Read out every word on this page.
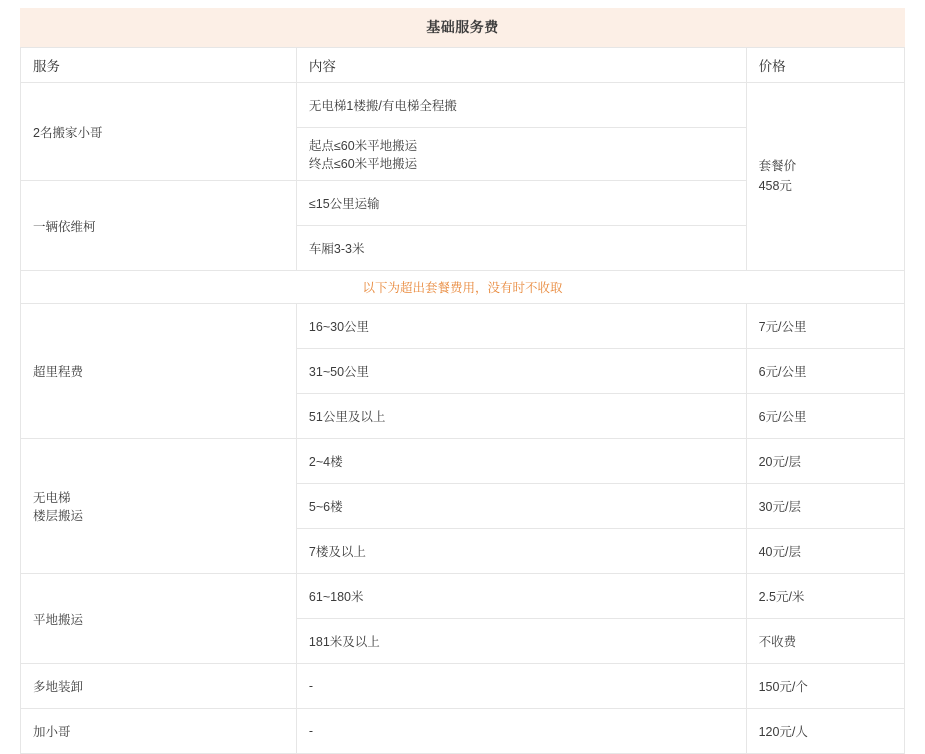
基础服务费
服务	内容	价格
2名搬家小哥	无电梯1楼搬/有电梯全程搬	套餐价
458元

	起点≤60米平地搬运
终点≤60米平地搬运	

一辆依维柯	≤15公里运输	
	车厢3-3米	
以下为超出套餐费用，没有时不收取		
超里程费	16~30公里	7元/公里
	31~50公里	6元/公里
	51公里及以上	6元/公里

无电梯
楼层搬运	2~4楼	20元/层
	5~6楼	30元/层
	7楼及以上	40元/层
平地搬运	61~180米	2.5元/米
	181米及以上	不收费
多地装卸	-	150元/个
加小哥	-	120元/人
